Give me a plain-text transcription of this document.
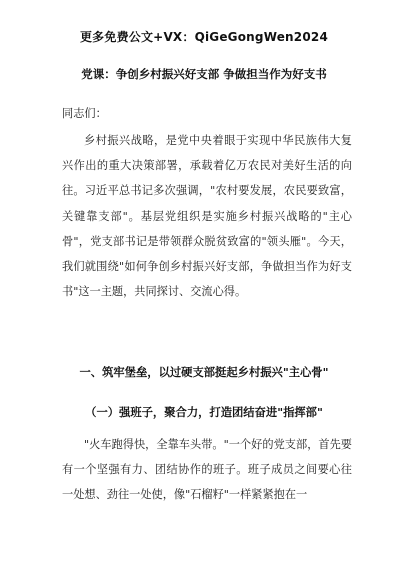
更多免费公文+VX：QiGeGongWen2024
党课：争创乡村振兴好支部 争做担当作为好支书
同志们：
乡村振兴战略，是党中央着眼于实现中华民族伟大复兴作出的重大决策部署，承载着亿万农民对美好生活的向往。习近平总书记多次强调，"农村要发展，农民要致富，关键靠支部"。基层党组织是实施乡村振兴战略的"主心骨"，党支部书记是带领群众脱贫致富的"领头雁"。今天，我们就围绕"如何争创乡村振兴好支部，争做担当作为好支书"这一主题，共同探讨、交流心得。
一、筑牢堡垒，以过硬支部挺起乡村振兴"主心骨"
（一）强班子，聚合力，打造团结奋进"指挥部"
"火车跑得快，全靠车头带。"一个好的党支部，首先要有一个坚强有力、团结协作的班子。班子成员之间要心往一处想、劲往一处使，像"石榴籽"一样紧紧抱在一
